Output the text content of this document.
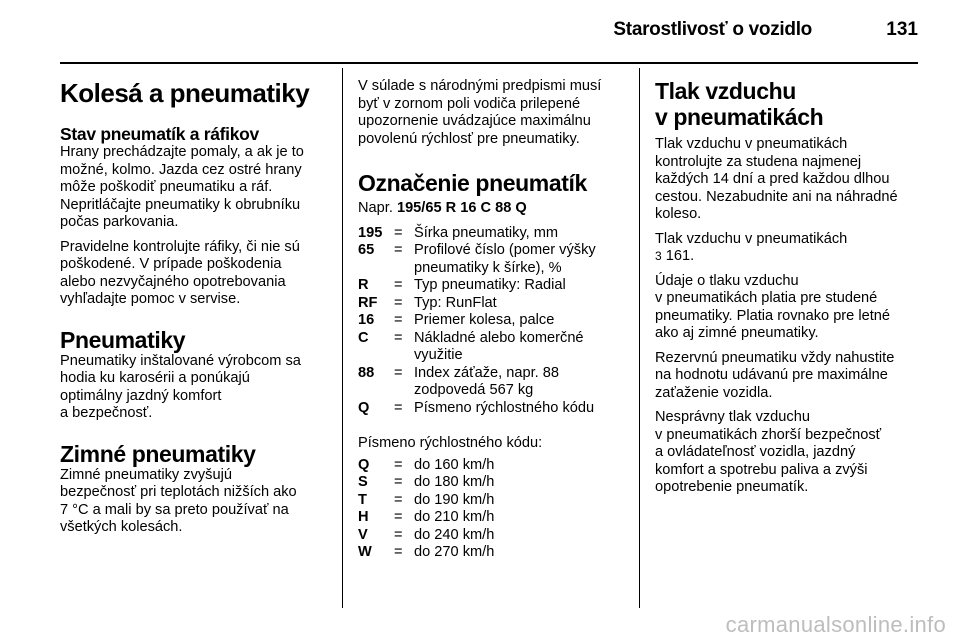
Starostlivosť o vozidlo	131
Kolesá a pneumatiky
Stav pneumatík a ráfikov

Hrany prechádzajte pomaly, a ak je to
možné, kolmo. Jazda cez ostré hrany
môže poškodiť pneumatiku a ráf.
Nepritláčajte pneumatiky k obrubníku
počas parkovania.

Pravidelne kontrolujte ráfiky, či nie sú
poškodené. V prípade poškodenia
alebo nezvyčajného opotrebovania
vyhľadajte pomoc v servise.

Pneumatiky

Pneumatiky inštalované výrobcom sa
hodia ku karosérii a ponúkajú
optimálny jazdný komfort
a bezpečnosť.

Zimné pneumatiky

Zimné pneumatiky zvyšujú
bezpečnosť pri teplotách nižších ako
7 °C a mali by sa preto používať na
všetkých kolesách.

V súlade s národnými predpismi musí
byť v zornom poli vodiča prilepené
upozornenie uvádzajúce maximálnu
povolenú rýchlosť pre pneumatiky.

Označenie pneumatík

Napr. 195/65 R 16 C 88 Q

195	=	Šírka pneumatiky, mm
65	=	Profilové číslo (pomer výšky pneumatiky k šírke), %
R	=	Typ pneumatiky: Radial
RF	=	Typ: RunFlat
16	=	Priemer kolesa, palce
C	=	Nákladné alebo komerčné využitie
88	=	Index záťaže, napr. 88 zodpovedá 567 kg
Q	=	Písmeno rýchlostného kódu

Písmeno rýchlostného kódu:

Q	=	do 160 km/h
S	=	do 180 km/h
T	=	do 190 km/h
H	=	do 210 km/h
V	=	do 240 km/h
W	=	do 270 km/h
Tlak vzduchu
v pneumatikách

Tlak vzduchu v pneumatikách
kontrolujte za studena najmenej
každých 14 dní a pred každou dlhou
cestou. Nezabudnite ani na náhradné
koleso.

Tlak vzduchu v pneumatikách
3 161.

Údaje o tlaku vzduchu
v pneumatikách platia pre studené
pneumatiky. Platia rovnako pre letné
ako aj zimné pneumatiky.

Rezervnú pneumatiku vždy nahustite
na hodnotu udávanú pre maximálne
zaťaženie vozidla.

Nesprávny tlak vzduchu
v pneumatikách zhorší bezpečnosť
a ovládateľnosť vozidla, jazdný
komfort a spotrebu paliva a zvýši
opotrebenie pneumatík.

carmanualsonline.info
